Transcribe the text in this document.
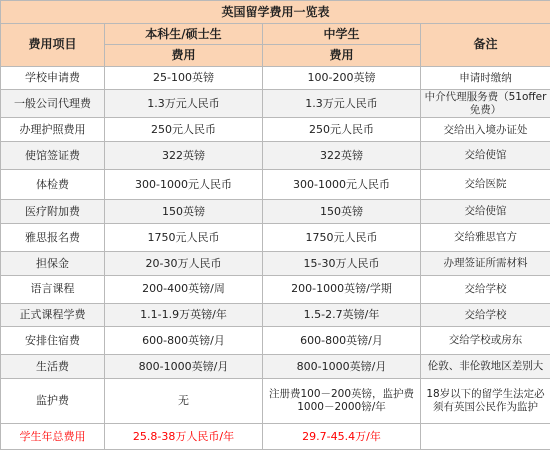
英国留学费用一览表			
费用项目	本科生/硕士生	中学生	备注
	费用	费用	
学校申请费	25-100英镑	100-200英镑	申请时缴纳
一般公司代理费	1.3万元人民币	1.3万元人民币	中介代理服务费（51offer免费）
办理护照费用	250元人民币	250元人民币	交给出入境办证处
使馆签证费	322英镑	322英镑	交给使馆
体检费	300-1000元人民币	300-1000元人民币	交给医院
医疗附加费	150英镑	150英镑	交给使馆
雅思报名费	1750元人民币	1750元人民币	交给雅思官方
担保金	20-30万人民币	15-30万人民币	办理签证所需材料
语言课程	200-400英镑/周	200-1000英镑/学期	交给学校
正式课程学费	1.1-1.9万英镑/年	1.5-2.7英镑/年	交给学校
安排住宿费	600-800英镑/月	600-800英镑/月	交给学校或房东
生活费	800-1000英镑/月	800-1000英镑/月	伦敦、非伦敦地区差别大
监护费	无	注册费100－200英镑，监护费1000－2000镑/年	18岁以下的留学生法定必须有英国公民作为监护
学生年总费用	25.8-38万人民币/年	29.7-45.4万/年	
